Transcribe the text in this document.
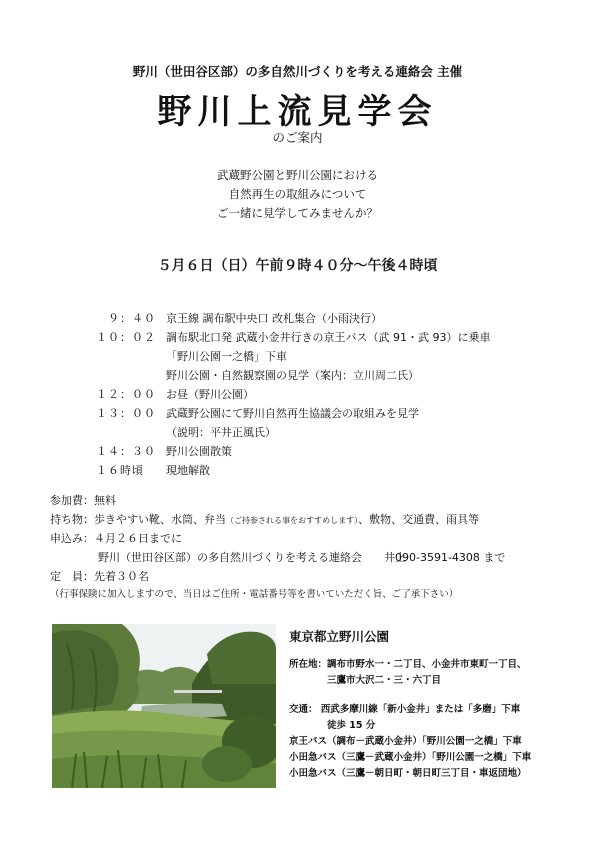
野川（世田谷区部）の多自然川づくりを考える連絡会 主催
野川上流見学会
のご案内
武蔵野公園と野川公園における
自然再生の取組みについて
ご一緒に見学してみませんか？
５月６日（日）午前９時４０分〜午後４時頃
　９：４０ 京王線 調布駅中央口 改札集合（小雨決行）
１０：０２ 調布駅北口発 武蔵小金井行きの京王バス（武 91・武 93）に乗車
「野川公園一之橋」下車
野川公園・自然観察園の見学（案内：立川周二氏）
１２：００ お昼（野川公園）
１３：００ 武蔵野公園にて野川自然再生協議会の取組みを見学
（説明：平井正風氏）
１４：３０ 野川公園散策
１６時頃	現地解散
参加費：無料
持ち物：歩きやすい靴、水筒、弁当（ご持参される事をおすすめします）、敷物、交通費、雨具等
申込み：４月２６日までに
野川（世田谷区部）の多自然川づくりを考える連絡会　　井上
090-3591-4308 まで
定　員：先着３０名
（行事保険に加入しますので、当日はご住所・電話番号等を書いていただく旨、ご了承下さい）
東京都立野川公園
所在地：調布市野水一・二丁目、小金井市東町一丁目、
　　　　三鷹市大沢二・三・六丁目
交通： 西武多摩川線「新小金井」または「多磨」下車
　　　　徒歩 15 分
京王バス（調布－武蔵小金井）「野川公園一之橋」下車
小田急バス（三鷹－武蔵小金井）「野川公園一之橋」下車
小田急バス（三鷹－朝日町・朝日町三丁目・車返団地）
